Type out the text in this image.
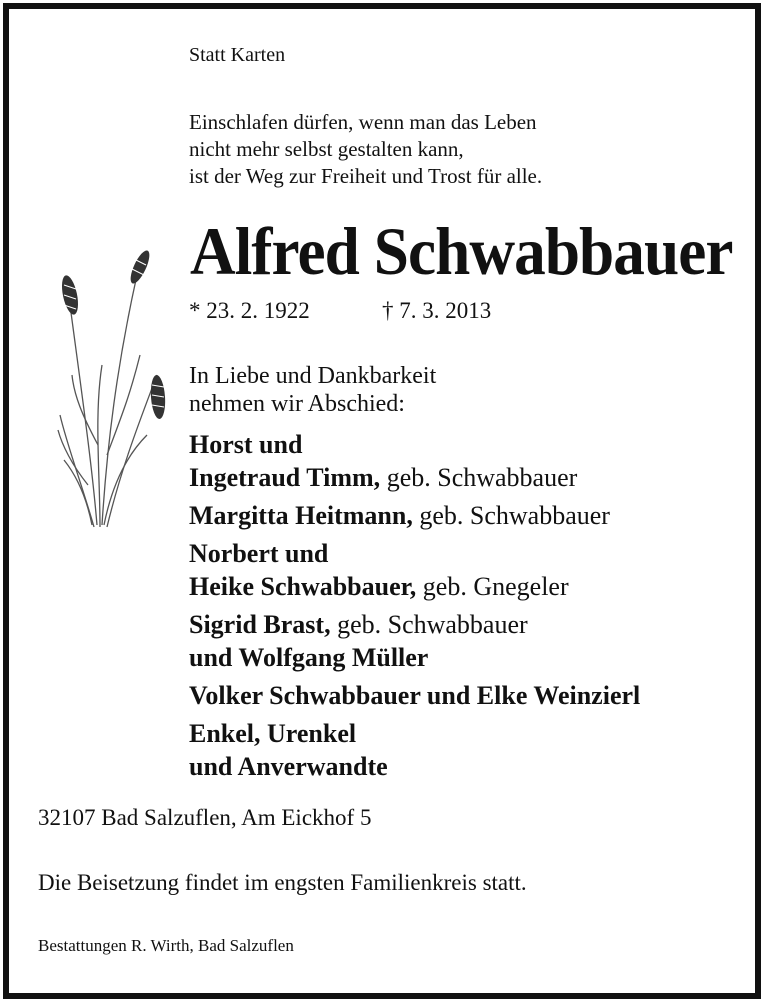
Statt Karten
Einschlafen dürfen, wenn man das Leben
nicht mehr selbst gestalten kann,
ist der Weg zur Freiheit und Trost für alle.
Alfred Schwabbauer
* 23. 2. 1922	† 7. 3. 2013
In Liebe und Dankbarkeit
nehmen wir Abschied:
Horst und
Ingetraud Timm, geb. Schwabbauer
Margitta Heitmann, geb. Schwabbauer
Norbert und
Heike Schwabbauer, geb. Gnegeler
Sigrid Brast, geb. Schwabbauer
und Wolfgang Müller
Volker Schwabbauer und Elke Weinzierl
Enkel, Urenkel
und Anverwandte
32107 Bad Salzuflen, Am Eickhof 5
Die Beisetzung findet im engsten Familienkreis statt.
Bestattungen R. Wirth, Bad Salzuflen
